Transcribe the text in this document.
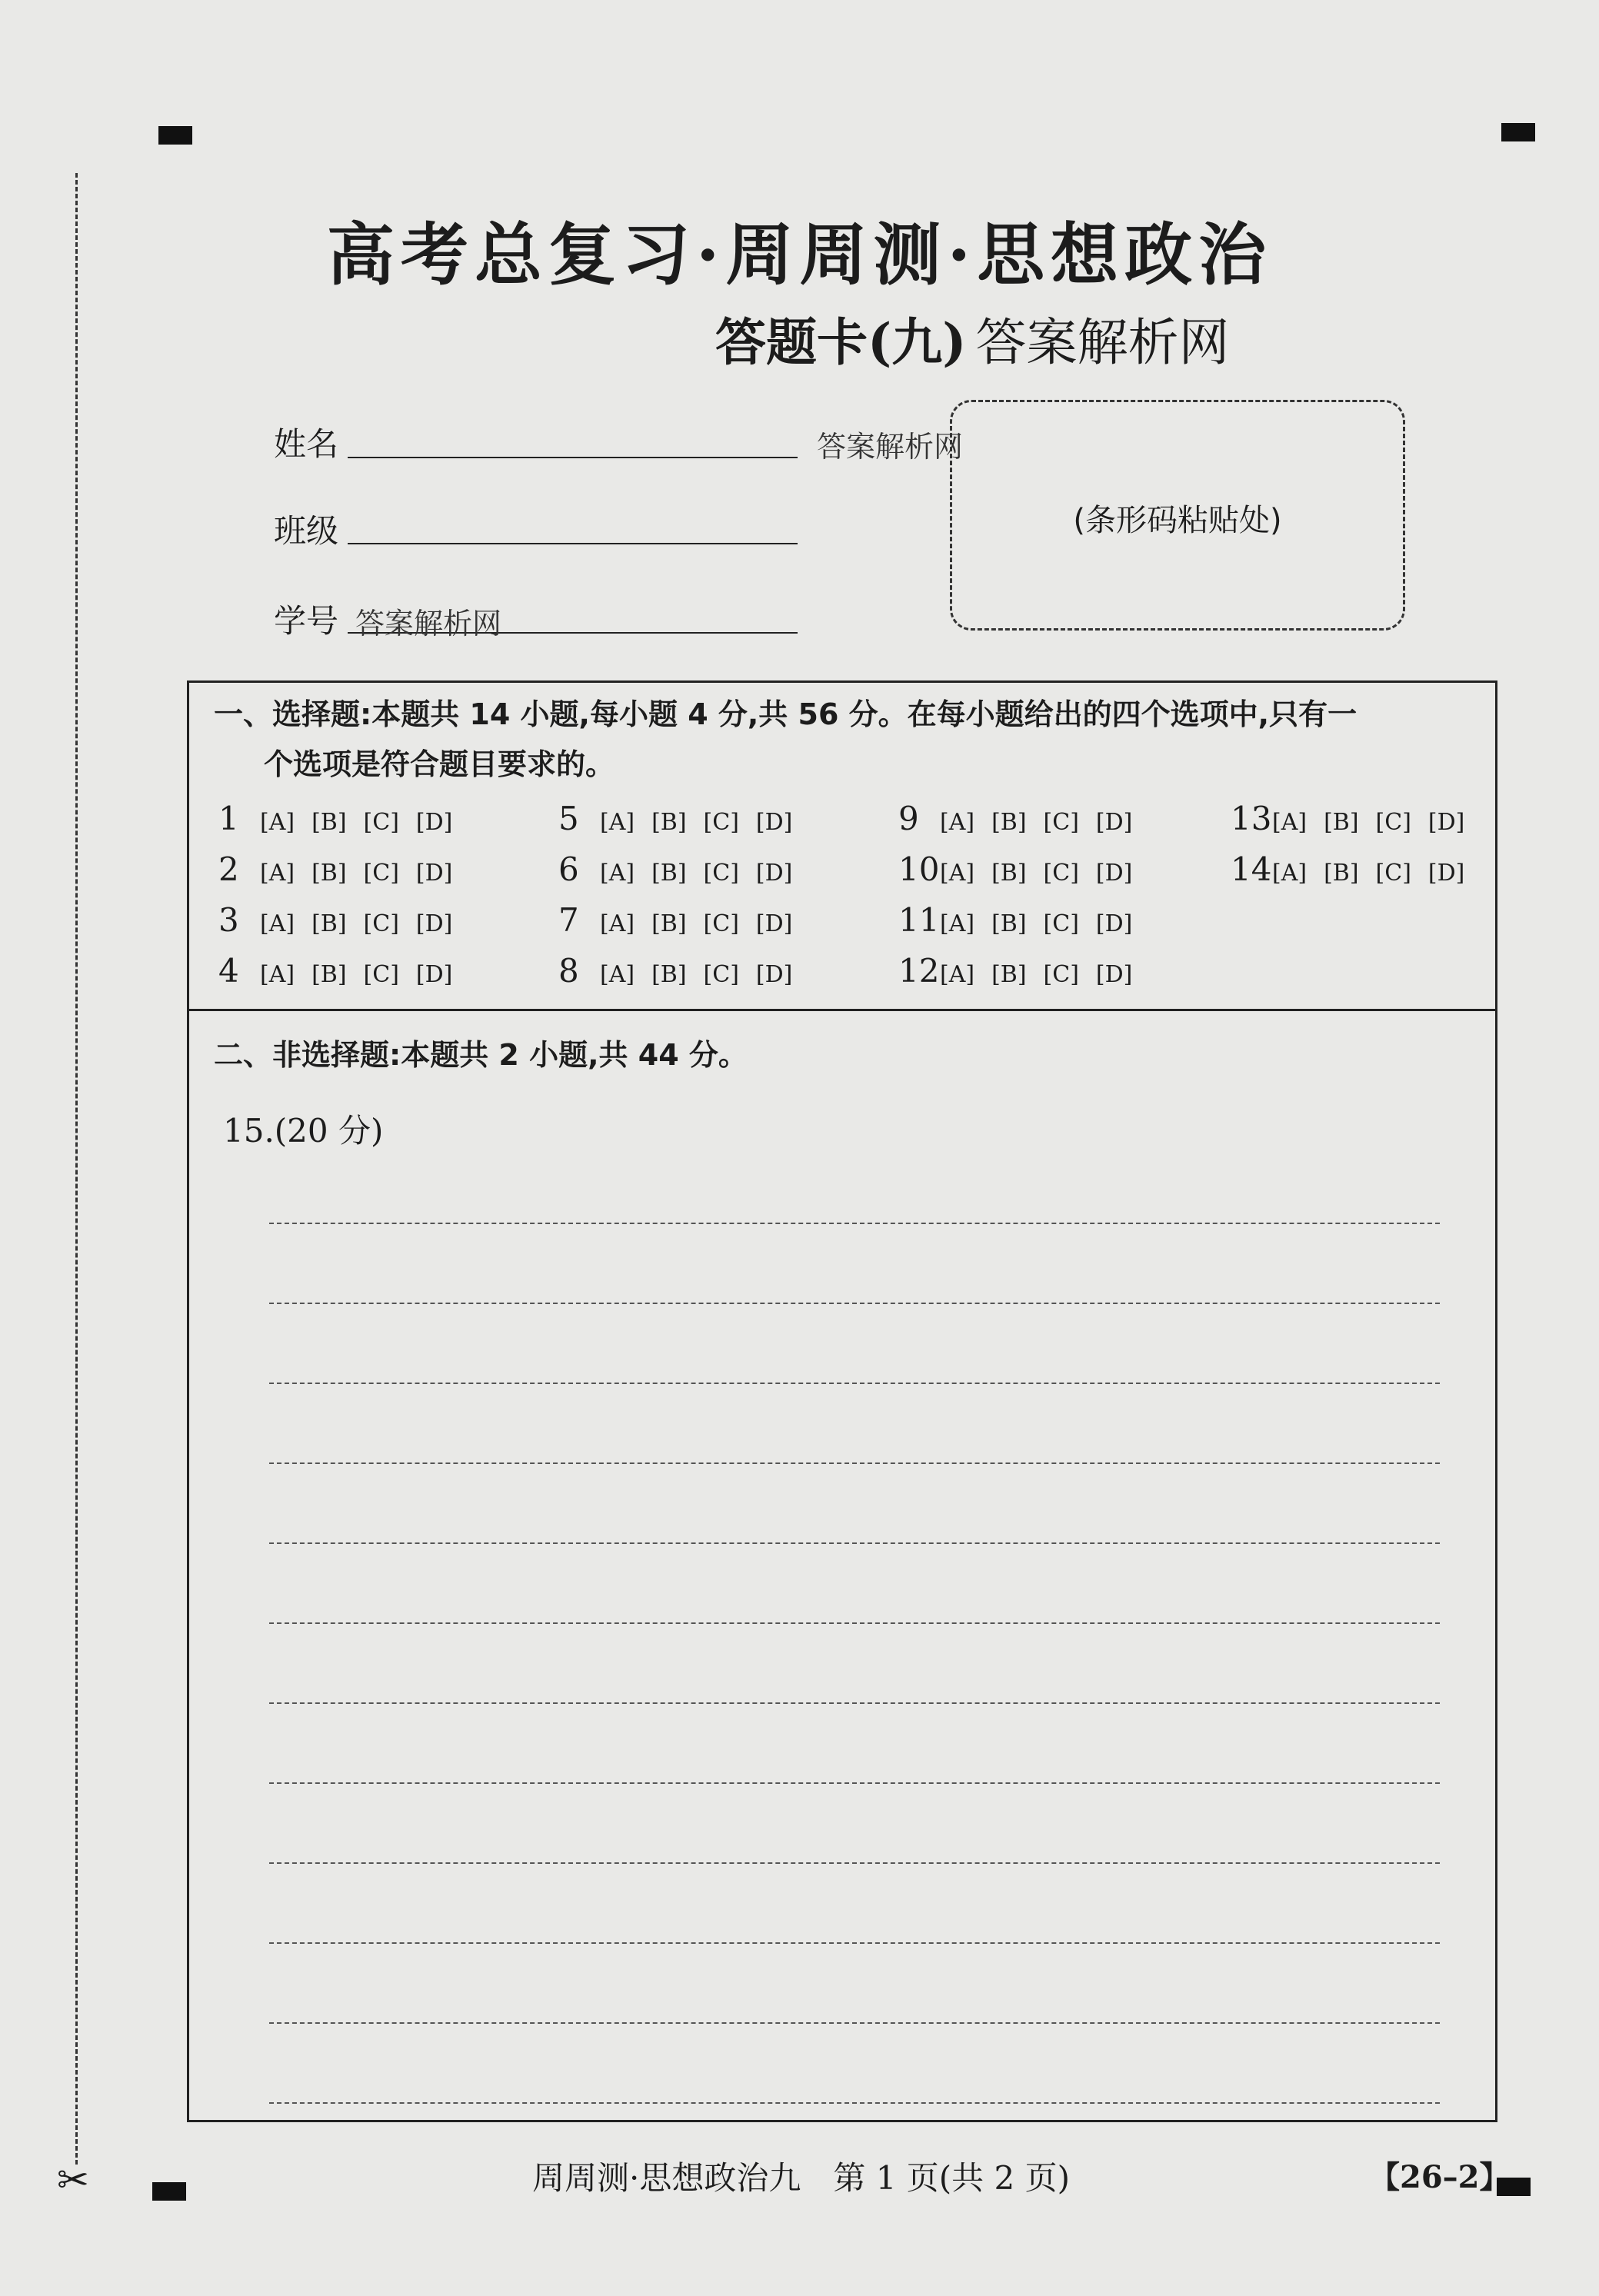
✂
高考总复习·周周测·思想政治
答题卡(九) 答案解析网
姓名	答案解析网
班级
学号 答案解析网
(条形码粘贴处)
一、选择题:本题共 14 小题,每小题 4 分,共 56 分。在每小题给出的四个选项中,只有一
个选项是符合题目要求的。
1 [A] [B] [C] [D]
2 [A] [B] [C] [D]
3 [A] [B] [C] [D]
4 [A] [B] [C] [D]
5 [A] [B] [C] [D]
6 [A] [B] [C] [D]
7 [A] [B] [C] [D]
8 [A] [B] [C] [D]
9 [A] [B] [C] [D]
10 [A] [B] [C] [D]
11 [A] [B] [C] [D]
12 [A] [B] [C] [D]
13 [A] [B] [C] [D]
14 [A] [B] [C] [D]
二、非选择题:本题共 2 小题,共 44 分。
15.(20 分)
周周测·思想政治九　第 1 页(共 2 页)	【26–2】
